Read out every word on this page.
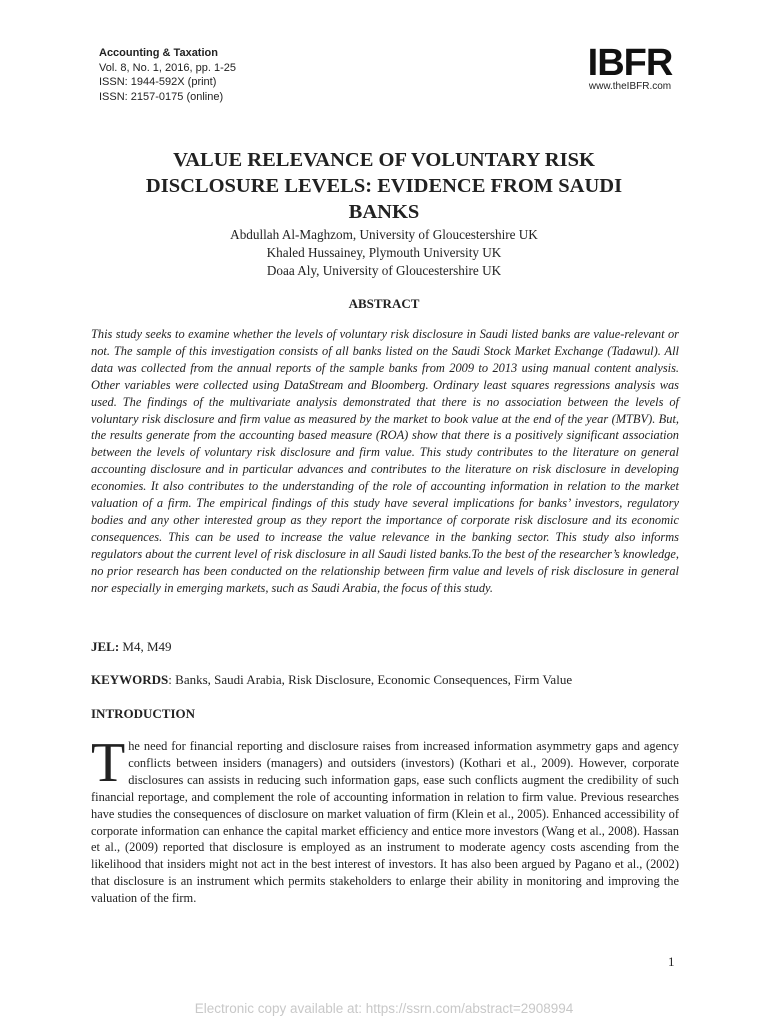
Accounting & Taxation
Vol. 8, No. 1, 2016, pp. 1-25
ISSN: 1944-592X (print)
ISSN: 2157-0175 (online)
IBFR
www.theIBFR.com
VALUE RELEVANCE OF VOLUNTARY RISK
DISCLOSURE LEVELS: EVIDENCE FROM SAUDI
BANKS
Abdullah Al-Maghzom, University of Gloucestershire UK
Khaled Hussainey, Plymouth University UK
Doaa Aly, University of Gloucestershire UK
ABSTRACT

This study seeks to examine whether the levels of voluntary risk disclosure in Saudi listed banks are value-relevant or not. The sample of this investigation consists of all banks listed on the Saudi Stock Market Exchange (Tadawul). All data was collected from the annual reports of the sample banks from 2009 to 2013 using manual content analysis. Other variables were collected using DataStream and Bloomberg. Ordinary least squares regressions analysis was used. The findings of the multivariate analysis demonstrated that there is no association between the levels of voluntary risk disclosure and firm value as measured by the market to book value at the end of the year (MTBV). But, the results generate from the accounting based measure (ROA) show that there is a positively significant association between the levels of voluntary risk disclosure and firm value. This study contributes to the literature on general accounting disclosure and in particular advances and contributes to the literature on risk disclosure in developing economies. It also contributes to the understanding of the role of accounting information in relation to the market valuation of a firm. The empirical findings of this study have several implications for banks’ investors, regulatory bodies and any other interested group as they report the importance of corporate risk disclosure and its economic consequences. This can be used to increase the value relevance in the banking sector. This study also informs regulators about the current level of risk disclosure in all Saudi listed banks.To the best of the researcher’s knowledge, no prior research has been conducted on the relationship between firm value and levels of risk disclosure in general nor especially in emerging markets, such as Saudi Arabia, the focus of this study.

JEL: M4, M49
KEYWORDS: Banks, Saudi Arabia, Risk Disclosure, Economic Consequences, Firm Value
INTRODUCTION

The need for financial reporting and disclosure raises from increased information asymmetry gaps and agency conflicts between insiders (managers) and outsiders (investors) (Kothari et al., 2009). However, corporate disclosures can assists in reducing such information gaps, ease such conflicts augment the credibility of such financial reportage, and complement the role of accounting information in relation to firm value. Previous researches have studies the consequences of disclosure on market valuation of firm (Klein et al., 2005). Enhanced accessibility of corporate information can enhance the capital market efficiency and entice more investors (Wang et al., 2008). Hassan et al., (2009) reported that disclosure is employed as an instrument to moderate agency costs ascending from the likelihood that insiders might not act in the best interest of investors. It has also been argued by Pagano et al., (2002) that disclosure is an instrument which permits stakeholders to enlarge their ability in monitoring and improving the valuation of the firm.

1
Electronic copy available at: https://ssrn.com/abstract=2908994
